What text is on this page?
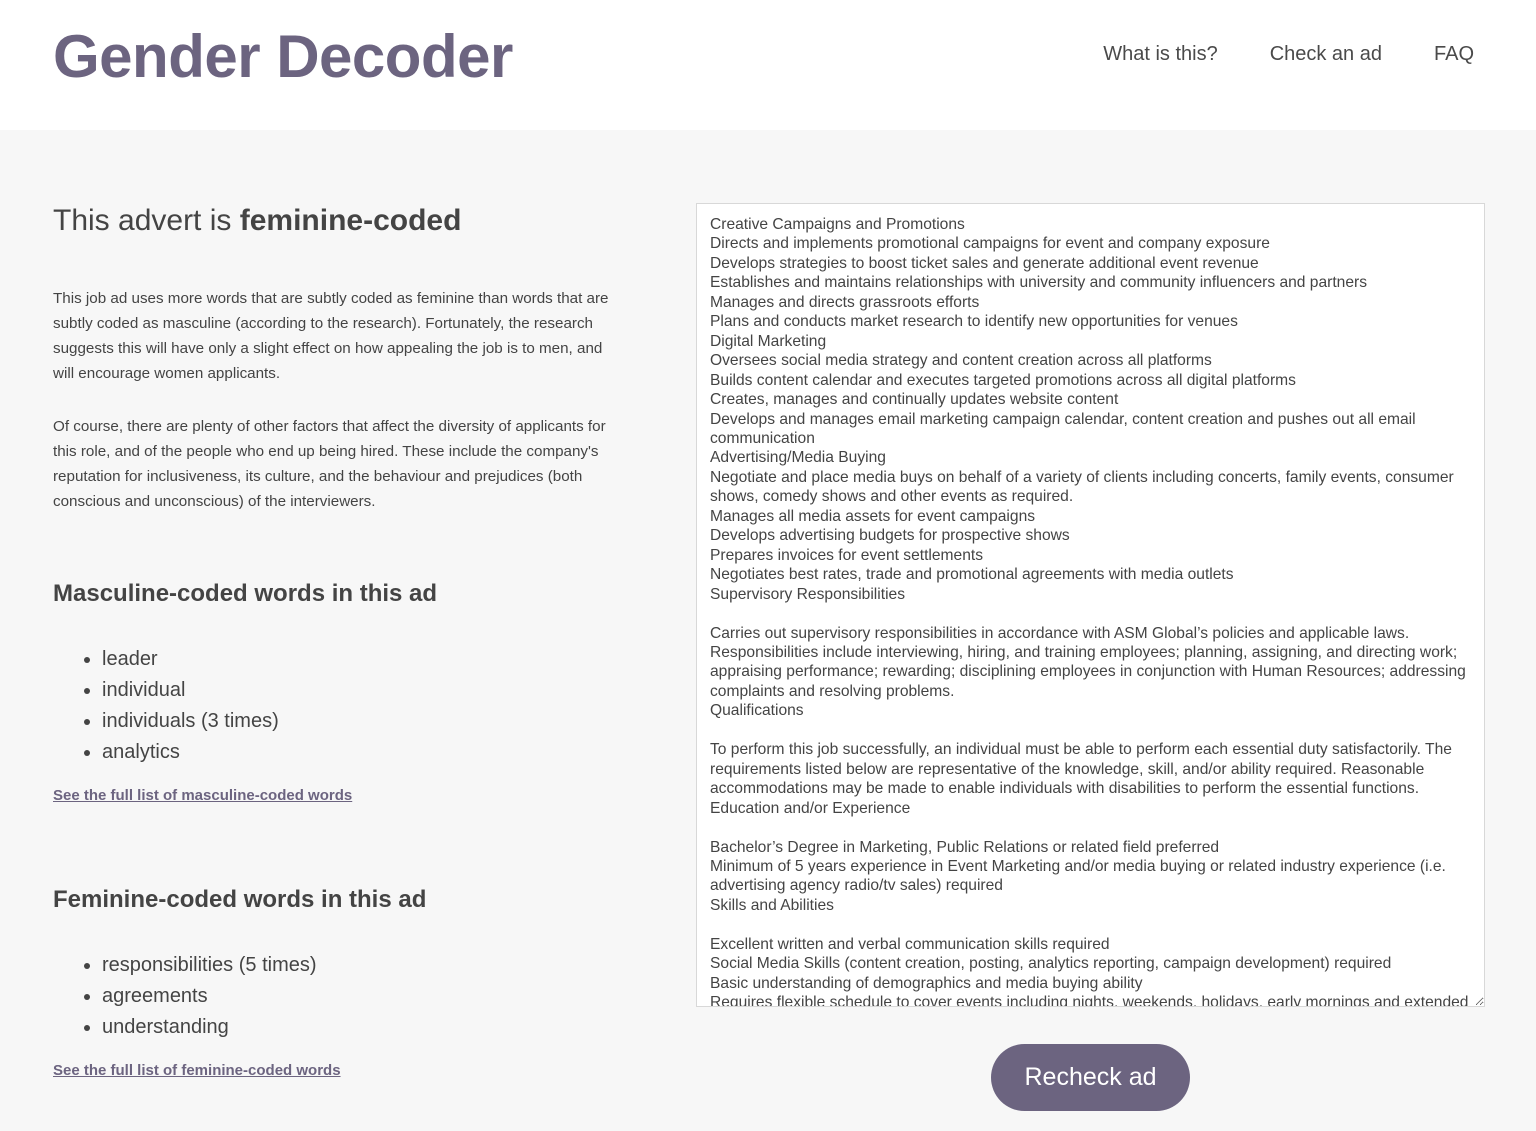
Gender Decoder	What is this?	Check an ad	FAQ
This advert is feminine-coded

This job ad uses more words that are subtly coded as feminine than words that are subtly coded as masculine (according to the research). Fortunately, the research suggests this will have only a slight effect on how appealing the job is to men, and will encourage women applicants.

Of course, there are plenty of other factors that affect the diversity of applicants for this role, and of the people who end up being hired. These include the company's reputation for inclusiveness, its culture, and the behaviour and prejudices (both conscious and unconscious) of the interviewers.

Masculine-coded words in this ad
• leader
• individual
• individuals (3 times)
• analytics
See the full list of masculine-coded words
Feminine-coded words in this ad
• responsibilities (5 times)
• agreements
• understanding
See the full list of feminine-coded words
Creative Campaigns and Promotions Directs and implements promotional campaigns for event and company exposure Develops strategies to boost ticket sales and generate additional event revenue Establishes and maintains relationships with university and community influencers and partners Manages and directs grassroots efforts Plans and conducts market research to identify new opportunities for venues Digital Marketing Oversees social media strategy and content creation across all platforms Builds content calendar and executes targeted promotions across all digital platforms Creates, manages and continually updates website content Develops and manages email marketing campaign calendar, content creation and pushes out all email communication Advertising/Media Buying Negotiate and place media buys on behalf of a variety of clients including concerts, family events, consumer shows, comedy shows and other events as required. Manages all media assets for event campaigns Develops advertising budgets for prospective shows Prepares invoices for event settlements Negotiates best rates, trade and promotional agreements with media outlets Supervisory Responsibilities Carries out supervisory responsibilities in accordance with ASM Global’s policies and applicable laws. Responsibilities include interviewing, hiring, and training employees; planning, assigning, and directing work; appraising performance; rewarding; disciplining employees in conjunction with Human Resources; addressing complaints and resolving problems. Qualifications To perform this job successfully, an individual must be able to perform each essential duty satisfactorily. The requirements listed below are representative of the knowledge, skill, and/or ability required. Reasonable accommodations may be made to enable individuals with disabilities to perform the essential functions. Education and/or Experience Bachelor’s Degree in Marketing, Public Relations or related field preferred Minimum of 5 years experience in Event Marketing and/or media buying or related industry experience (i.e. advertising agency radio/tv sales) required Skills and Abilities Excellent written and verbal communication skills required Social Media Skills (content creation, posting, analytics reporting, campaign development) required Basic understanding of demographics and media buying ability Requires flexible schedule to cover events including nights, weekends, holidays, early mornings and extended hours	Recheck ad
